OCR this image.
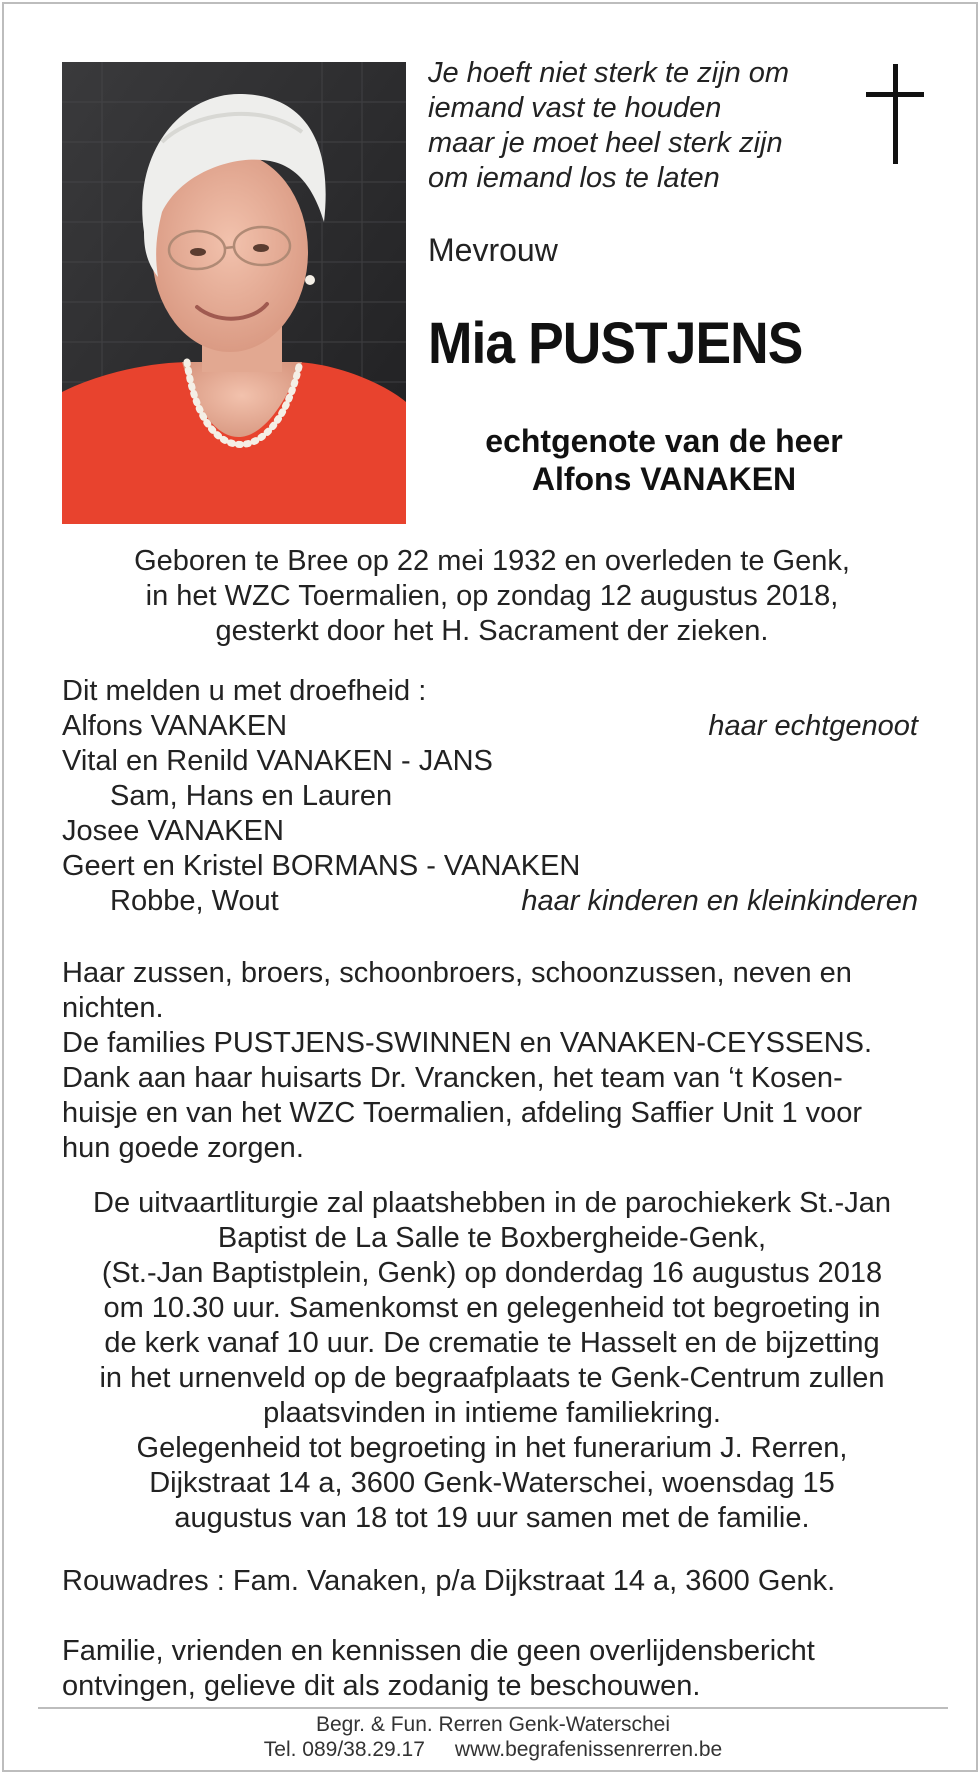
Je hoeft niet sterk te zijn om
iemand vast te houden
maar je moet heel sterk zijn
om iemand los te laten
Mevrouw
Mia PUSTJENS
echtgenote van de heer
Alfons VANAKEN
Geboren te Bree op 22 mei 1932 en overleden te Genk,
in het WZC Toermalien, op zondag 12 augustus 2018,
gesterkt door het H. Sacrament der zieken.
Dit melden u met droefheid :
Alfons VANAKEN	haar echtgenoot
Vital en Renild VANAKEN - JANS
Sam, Hans en Lauren
Josee VANAKEN
Geert en Kristel BORMANS - VANAKEN
Robbe, Wout	haar kinderen en kleinkinderen
Haar zussen, broers, schoonbroers, schoonzussen, neven en
nichten.
De families PUSTJENS-SWINNEN en VANAKEN-CEYSSENS.
Dank aan haar huisarts Dr. Vrancken, het team van ‘t Kosen-
huisje en van het WZC Toermalien, afdeling Saffier Unit 1 voor
hun goede zorgen.
De uitvaartliturgie zal plaatshebben in de parochiekerk St.-Jan
Baptist de La Salle te Boxbergheide-Genk,
(St.-Jan Baptistplein, Genk) op donderdag 16 augustus 2018
om 10.30 uur. Samenkomst en gelegenheid tot begroeting in
de kerk vanaf 10 uur. De crematie te Hasselt en de bijzetting
in het urnenveld op de begraafplaats te Genk-Centrum zullen
plaatsvinden in intieme familiekring.
Gelegenheid tot begroeting in het funerarium J. Rerren,
Dijkstraat 14 a, 3600 Genk-Waterschei, woensdag 15
augustus van 18 tot 19 uur samen met de familie.
Rouwadres : Fam. Vanaken, p/a Dijkstraat 14 a, 3600 Genk.
Familie, vrienden en kennissen die geen overlijdensbericht
ontvingen, gelieve dit als zodanig te beschouwen.
Begr. & Fun. Rerren Genk-Waterschei
Tel. 089/38.29.17 www.begrafenissenrerren.be
